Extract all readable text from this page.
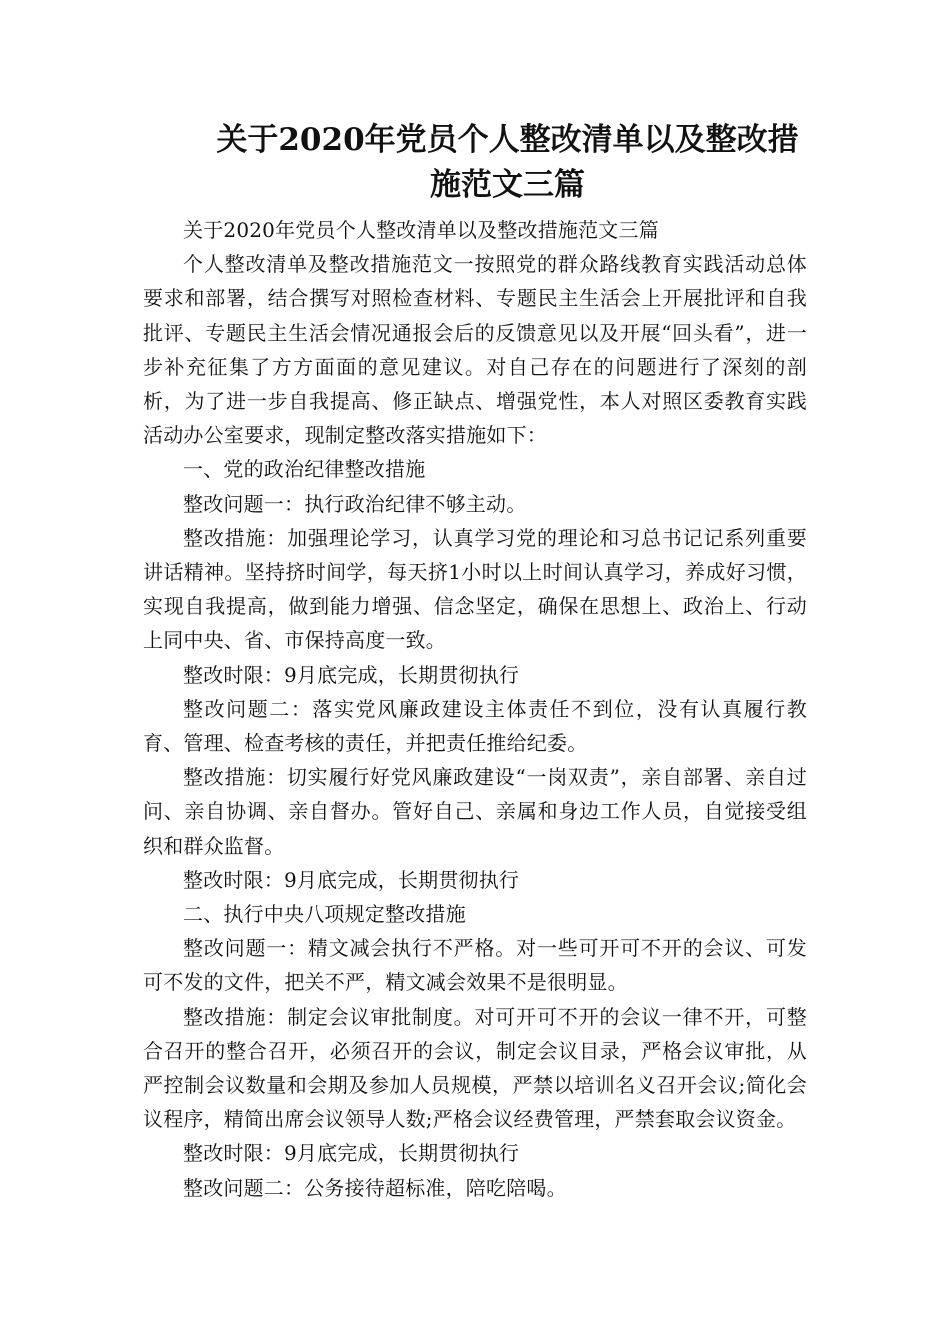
关于2020年党员个人整改清单以及整改措
施范文三篇

关于2020年党员个人整改清单以及整改措施范文三篇

个人整改清单及整改措施范文一按照党的群众路线教育实践活动总体要求和部署，结合撰写对照检查材料、专题民主生活会上开展批评和自我批评、专题民主生活会情况通报会后的反馈意见以及开展“回头看”，进一步补充征集了方方面面的意见建议。对自己存在的问题进行了深刻的剖析，为了进一步自我提高、修正缺点、增强党性，本人对照区委教育实践活动办公室要求，现制定整改落实措施如下：

一、党的政治纪律整改措施

整改问题一：执行政治纪律不够主动。

整改措施：加强理论学习，认真学习党的理论和习总书记记系列重要讲话精神。坚持挤时间学，每天挤1小时以上时间认真学习，养成好习惯，实现自我提高，做到能力增强、信念坚定，确保在思想上、政治上、行动上同中央、省、市保持高度一致。

整改时限：9月底完成，长期贯彻执行

整改问题二：落实党风廉政建设主体责任不到位，没有认真履行教育、管理、检查考核的责任，并把责任推给纪委。

整改措施：切实履行好党风廉政建设“一岗双责”，亲自部署、亲自过问、亲自协调、亲自督办。管好自己、亲属和身边工作人员，自觉接受组织和群众监督。

整改时限：9月底完成，长期贯彻执行

二、执行中央八项规定整改措施

整改问题一：精文减会执行不严格。对一些可开可不开的会议、可发可不发的文件，把关不严，精文减会效果不是很明显。

整改措施：制定会议审批制度。对可开可不开的会议一律不开，可整合召开的整合召开，必须召开的会议，制定会议目录，严格会议审批，从严控制会议数量和会期及参加人员规模，严禁以培训名义召开会议;简化会议程序，精简出席会议领导人数;严格会议经费管理，严禁套取会议资金。

整改时限：9月底完成，长期贯彻执行

整改问题二：公务接待超标准，陪吃陪喝。
